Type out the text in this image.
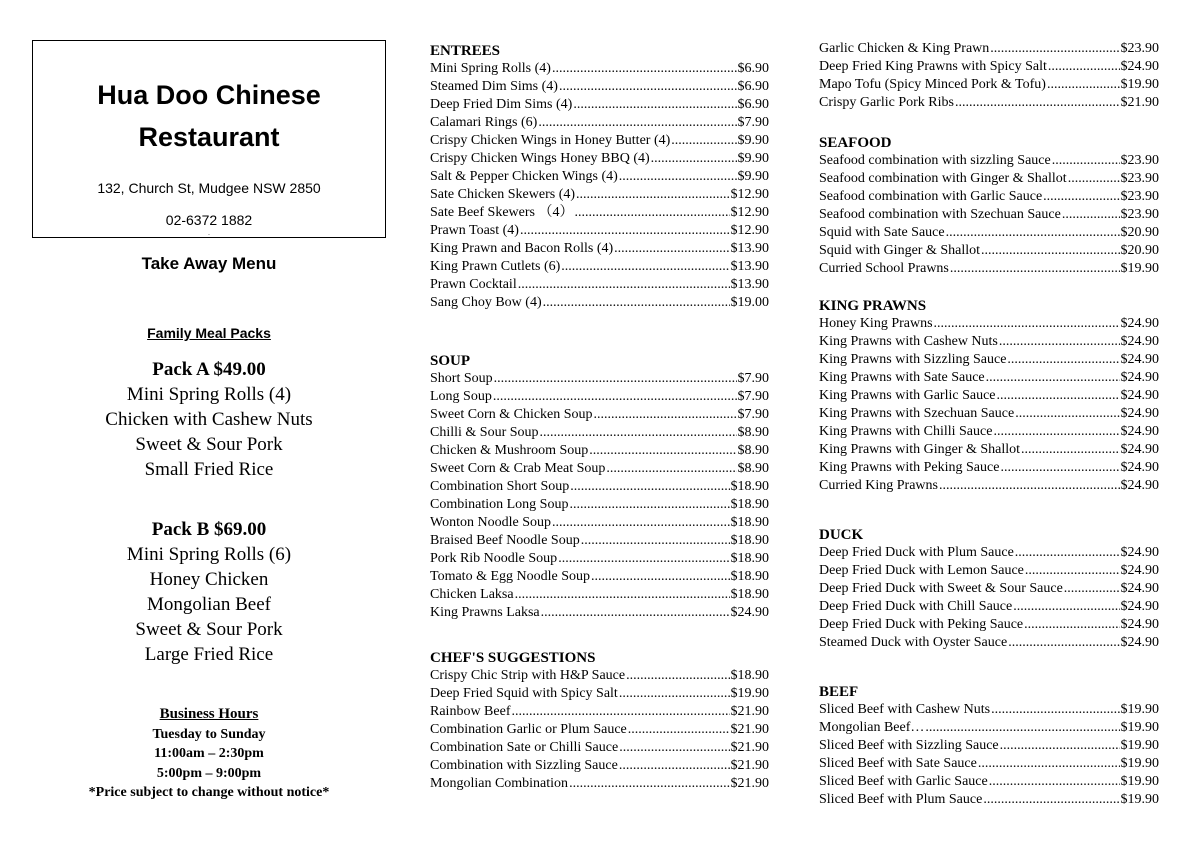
Hua Doo Chinese
Restaurant
132, Church St, Mudgee NSW 2850
02-6372 1882
.
Take Away Menu
Family Meal Packs
Pack A $49.00
Mini Spring Rolls (4)
Chicken with Cashew Nuts
Sweet & Sour Pork
Small Fried Rice
Pack B $69.00
Mini Spring Rolls (6)
Honey Chicken
Mongolian Beef
Sweet & Sour Pork
Large Fried Rice
Business Hours
Tuesday to Sunday
11:00am – 2:30pm
5:00pm – 9:00pm
*Price subject to change without notice*
ENTREES
Mini Spring Rolls (4) .....	$6.90
Steamed Dim Sims (4) .....	$6.90
Deep Fried Dim Sims (4) .....	$6.90
Calamari Rings (6) .....	$7.90
Crispy Chicken Wings in Honey Butter (4) .....	$9.90
Crispy Chicken Wings Honey BBQ (4) .....	$9.90
Salt & Pepper Chicken Wings (4) .....	$9.90
Sate Chicken Skewers (4) .....	$12.90
Sate Beef Skewers （4） .....	$12.90
Prawn Toast (4) .....	$12.90
King Prawn and Bacon Rolls (4) .....	$13.90
King Prawn Cutlets (6) .....	$13.90
Prawn Cocktail .....	$13.90
Sang Choy Bow (4) .....	$19.00
SOUP
Short Soup .....	$7.90
Long Soup .....	$7.90
Sweet Corn & Chicken Soup .....	$7.90
Chilli & Sour Soup .....	$8.90
Chicken & Mushroom Soup .....	$8.90
Sweet Corn & Crab Meat Soup .....	$8.90
Combination Short Soup .....	$18.90
Combination Long Soup .....	$18.90
Wonton Noodle Soup .....	$18.90
Braised Beef Noodle Soup .....	$18.90
Pork Rib Noodle Soup .....	$18.90
Tomato & Egg Noodle Soup .....	$18.90
Chicken Laksa .....	$18.90
King Prawns Laksa .....	$24.90
CHEF'S SUGGESTIONS
Crispy Chic Strip with H&P Sauce .....	$18.90
Deep Fried Squid with Spicy Salt .....	$19.90
Rainbow Beef .....	$21.90
Combination Garlic or Plum Sauce .....	$21.90
Combination Sate or Chilli Sauce .....	$21.90
Combination with Sizzling Sauce .....	$21.90
Mongolian Combination .....	$21.90
Garlic Chicken & King Prawn .....	$23.90
Deep Fried King Prawns with Spicy Salt .....	$24.90
Mapo Tofu (Spicy Minced Pork & Tofu) .....	$19.90
Crispy Garlic Pork Ribs .....	$21.90
SEAFOOD
Seafood combination with sizzling Sauce .....	$23.90
Seafood combination with Ginger & Shallot .....	$23.90
Seafood combination with Garlic Sauce .....	$23.90
Seafood combination with Szechuan Sauce .....	$23.90
Squid with Sate Sauce .....	$20.90
Squid with Ginger & Shallot .....	$20.90
Curried School Prawns .....	$19.90
KING PRAWNS
Honey King Prawns .....	$24.90
King Prawns with Cashew Nuts .....	$24.90
King Prawns with Sizzling Sauce .....	$24.90
King Prawns with Sate Sauce .....	$24.90
King Prawns with Garlic Sauce .....	$24.90
King Prawns with Szechuan Sauce .....	$24.90
King Prawns with Chilli Sauce .....	$24.90
King Prawns with Ginger & Shallot .....	$24.90
King Prawns with Peking Sauce .....	$24.90
Curried King Prawns .....	$24.90
DUCK
Deep Fried Duck with Plum Sauce .....	$24.90
Deep Fried Duck with Lemon Sauce .....	$24.90
Deep Fried Duck with Sweet & Sour Sauce .....	$24.90
Deep Fried Duck with Chill Sauce .....	$24.90
Deep Fried Duck with Peking Sauce .....	$24.90
Steamed Duck with Oyster Sauce .....	$24.90
BEEF
Sliced Beef with Cashew Nuts .....	$19.90
Mongolian Beef… .....	$19.90
Sliced Beef with Sizzling Sauce .....	$19.90
Sliced Beef with Sate Sauce .....	$19.90
Sliced Beef with Garlic Sauce .....	$19.90
Sliced Beef with Plum Sauce .....	$19.90
